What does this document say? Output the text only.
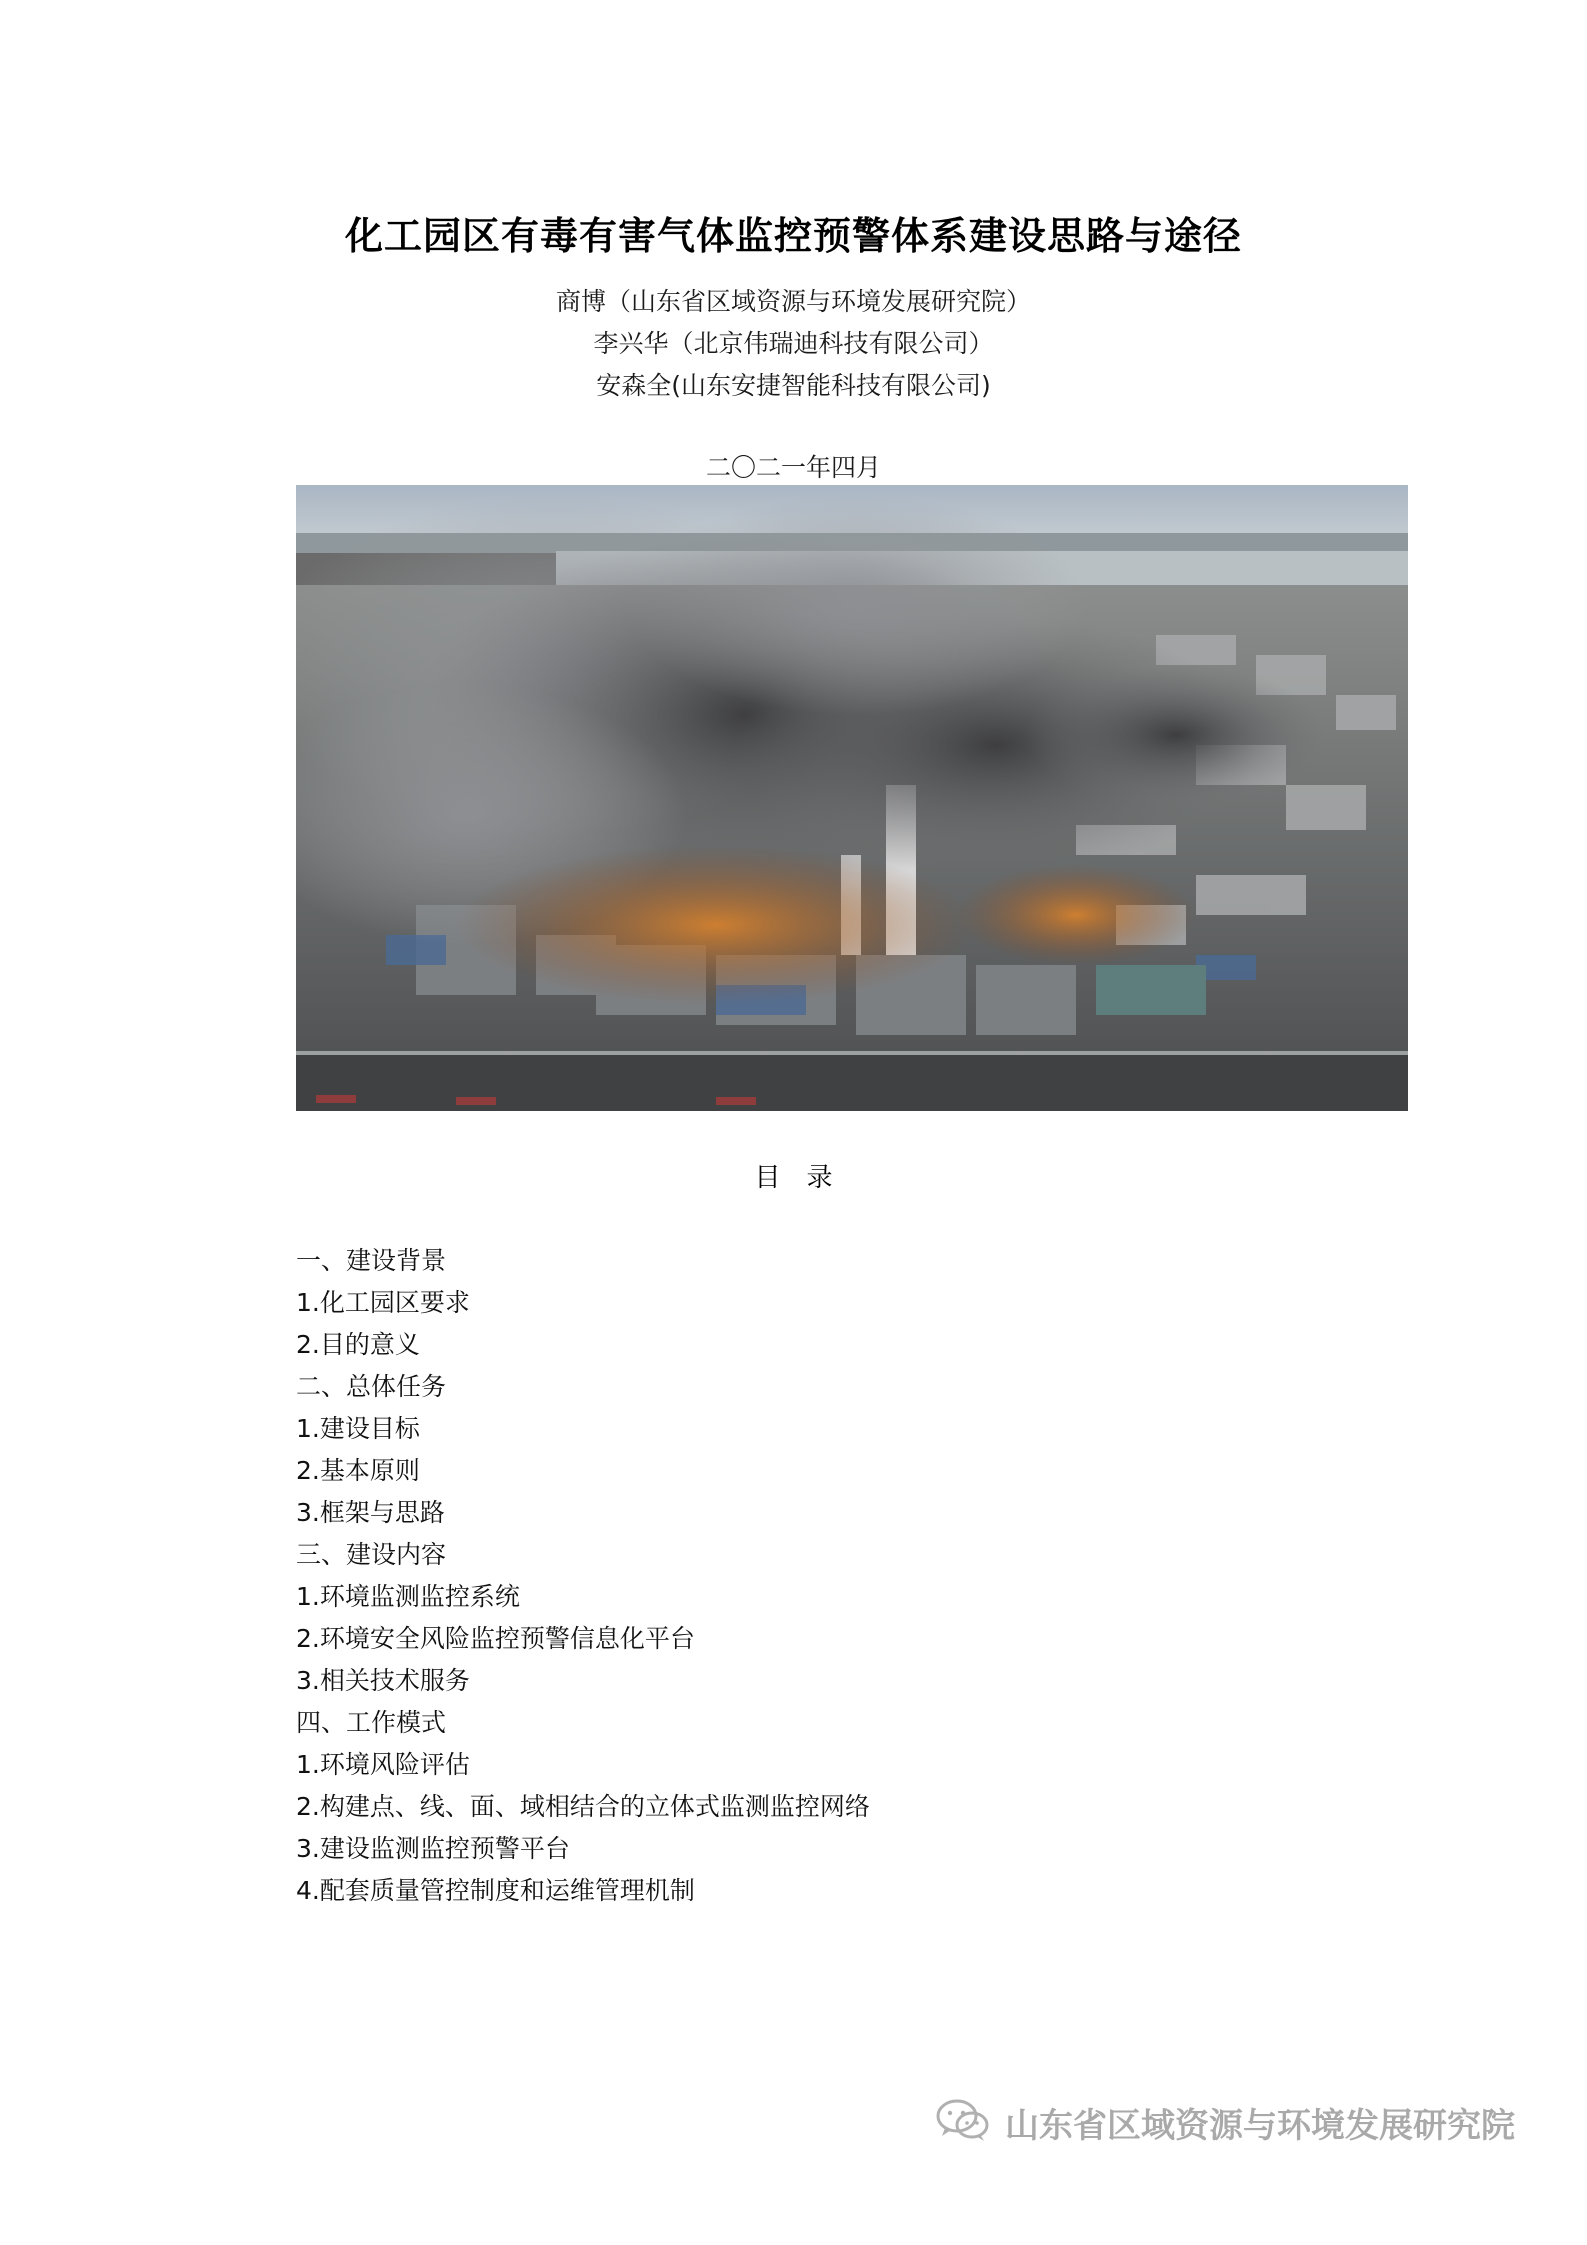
化工园区有毒有害气体监控预警体系建设思路与途径
商博（山东省区域资源与环境发展研究院）
李兴华（北京伟瑞迪科技有限公司）
安森全(山东安捷智能科技有限公司)
二〇二一年四月
目录
一、建设背景
1.化工园区要求
2.目的意义
二、总体任务
1.建设目标
2.基本原则
3.框架与思路
三、建设内容
1.环境监测监控系统
2.环境安全风险监控预警信息化平台
3.相关技术服务
四、工作模式
1.环境风险评估
2.构建点、线、面、域相结合的立体式监测监控网络
3.建设监测监控预警平台
4.配套质量管控制度和运维管理机制
山东省区域资源与环境发展研究院
